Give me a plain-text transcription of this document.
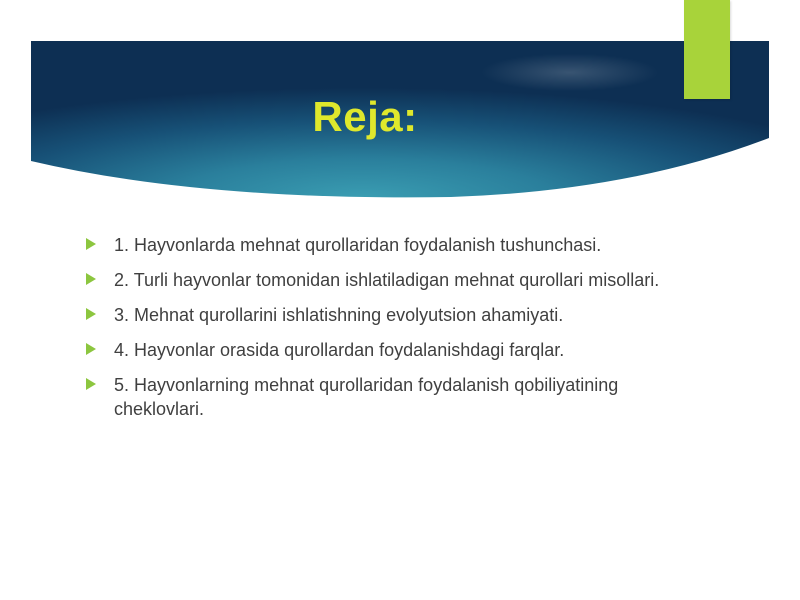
Reja:
1. Hayvonlarda mehnat qurollaridan foydalanish tushunchasi.
2. Turli hayvonlar tomonidan ishlatiladigan mehnat qurollari misollari.
3. Mehnat qurollarini ishlatishning evolyutsion ahamiyati.
4. Hayvonlar orasida qurollardan foydalanishdagi farqlar.
5. Hayvonlarning mehnat qurollaridan foydalanish qobiliyatining cheklovlari.
